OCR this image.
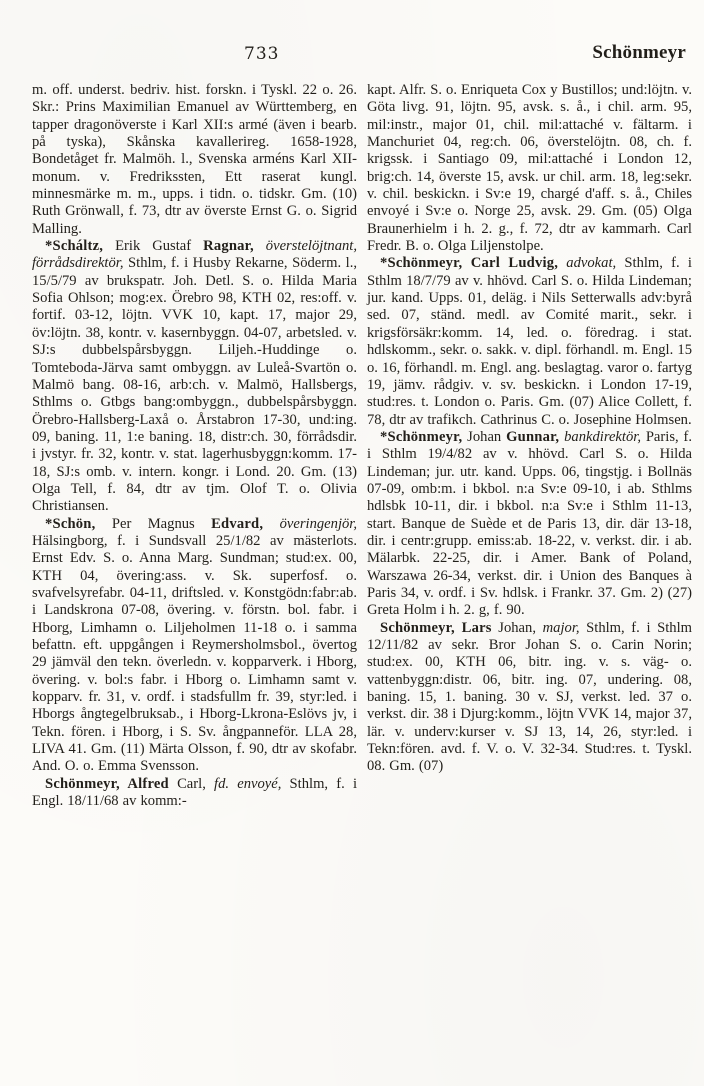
733	Schönmeyr

m. off. underst. bedriv. hist. forskn. i Tyskl. 22 o. 26. Skr.: Prins Maximilian Emanuel av Württemberg, en tapper dragonöverste i Karl XII:s armé (även i bearb. på tyska), Skånska kavallerireg. 1658-1928, Bondetåget fr. Malmöh. l., Svenska arméns Karl XII-monum. v. Fredrikssten, Ett raserat kungl. minnesmärke m. m., upps. i tidn. o. tidskr. Gm. (10) Ruth Grönwall, f. 73, dtr av överste Ernst G. o. Sigrid Malling.

*Scháltz, Erik Gustaf Ragnar, överstelöjtnant, förrådsdirektör, Sthlm, f. i Husby Rekarne, Söderm. l., 15/5/79 av brukspatr. Joh. Detl. S. o. Hilda Maria Sofia Ohlson; mog:ex. Örebro 98, KTH 02, res:off. v. fortif. 03-12, löjtn. VVK 10, kapt. 17, major 29, öv:löjtn. 38, kontr. v. kasernbyggn. 04-07, arbetsled. v. SJ:s dubbelspårsbyggn. Liljeh.-Huddinge o. Tomteboda-Järva samt ombyggn. av Luleå-Svartön o. Malmö bang. 08-16, arb:ch. v. Malmö, Hallsbergs, Sthlms o. Gtbgs bang:ombyggn., dubbelspårsbyggn. Örebro-Hallsberg-Laxå o. Årstabron 17-30, und:ing. 09, baning. 11, 1:e baning. 18, distr:ch. 30, förrådsdir. i jvstyr. fr. 32, kontr. v. stat. lagerhusbyggn:komm. 17-18, SJ:s omb. v. intern. kongr. i Lond. 20. Gm. (13) Olga Tell, f. 84, dtr av tjm. Olof T. o. Olivia Christiansen.

*Schön, Per Magnus Edvard, överingenjör, Hälsingborg, f. i Sundsvall 25/1/82 av mästerlots. Ernst Edv. S. o. Anna Marg. Sundman; stud:ex. 00, KTH 04, övering:ass. v. Sk. superfosf. o. svafvelsyrefabr. 04-11, driftsled. v. Konstgödn:fabr:ab. i Landskrona 07-08, övering. v. förstn. bol. fabr. i Hborg, Limhamn o. Liljeholmen 11-18 o. i samma befattn. eft. uppgången i Reymersholmsbol., övertog 29 jämväl den tekn. överledn. v. kopparverk. i Hborg, övering. v. bol:s fabr. i Hborg o. Limhamn samt v. kopparv. fr. 31, v. ordf. i stadsfullm fr. 39, styr:led. i Hborgs ångtegelbruksab., i Hborg-Lkrona-Eslövs jv, i Tekn. fören. i Hborg, i S. Sv. ångpanneför. LLA 28, LIVA 41. Gm. (11) Märta Olsson, f. 90, dtr av skofabr. And. O. o. Emma Svensson.

Schönmeyr, Alfred Carl, fd. envoyé, Sthlm, f. i Engl. 18/11/68 av komm:-

kapt. Alfr. S. o. Enriqueta Cox y Bustillos; und:löjtn. v. Göta livg. 91, löjtn. 95, avsk. s. å., i chil. arm. 95, mil:instr., major 01, chil. mil:attaché v. fältarm. i Manchuriet 04, reg:ch. 06, överstelöjtn. 08, ch. f. krigssk. i Santiago 09, mil:attaché i London 12, brig:ch. 14, överste 15, avsk. ur chil. arm. 18, leg:sekr. v. chil. beskickn. i Sv:e 19, chargé d'aff. s. å., Chiles envoyé i Sv:e o. Norge 25, avsk. 29. Gm. (05) Olga Braunerhielm i h. 2. g., f. 72, dtr av kammarh. Carl Fredr. B. o. Olga Liljenstolpe.

*Schönmeyr, Carl Ludvig, advokat, Sthlm, f. i Sthlm 18/7/79 av v. hhövd. Carl S. o. Hilda Lindeman; jur. kand. Upps. 01, deläg. i Nils Setterwalls adv:byrå sed. 07, ständ. medl. av Comité marit., sekr. i krigsförsäkr:komm. 14, led. o. föredrag. i stat. hdlskomm., sekr. o. sakk. v. dipl. förhandl. m. Engl. 15 o. 16, förhandl. m. Engl. ang. beslagtag. varor o. fartyg 19, jämv. rådgiv. v. sv. beskickn. i London 17-19, stud:res. t. London o. Paris. Gm. (07) Alice Collett, f. 78, dtr av trafikch. Cathrinus C. o. Josephine Holmsen.

*Schönmeyr, Johan Gunnar, bankdirektör, Paris, f. i Sthlm 19/4/82 av v. hhövd. Carl S. o. Hilda Lindeman; jur. utr. kand. Upps. 06, tingstjg. i Bollnäs 07-09, omb:m. i bkbol. n:a Sv:e 09-10, i ab. Sthlms hdlsbk 10-11, dir. i bkbol. n:a Sv:e i Sthlm 11-13, start. Banque de Suède et de Paris 13, dir. där 13-18, dir. i centr:grupp. emiss:ab. 18-22, v. verkst. dir. i ab. Mälarbk. 22-25, dir. i Amer. Bank of Poland, Warszawa 26-34, verkst. dir. i Union des Banques à Paris 34, v. ordf. i Sv. hdlsk. i Frankr. 37. Gm. 2) (27) Greta Holm i h. 2. g, f. 90.

Schönmeyr, Lars Johan, major, Sthlm, f. i Sthlm 12/11/82 av sekr. Bror Johan S. o. Carin Norin; stud:ex. 00, KTH 06, bitr. ing. v. s. väg- o. vattenbyggn:distr. 06, bitr. ing. 07, undering. 08, baning. 15, 1. baning. 30 v. SJ, verkst. led. 37 o. verkst. dir. 38 i Djurg:komm., löjtn VVK 14, major 37, lär. v. underv:kurser v. SJ 13, 14, 26, styr:led. i Tekn:fören. avd. f. V. o. V. 32-34. Stud:res. t. Tyskl. 08. Gm. (07)
